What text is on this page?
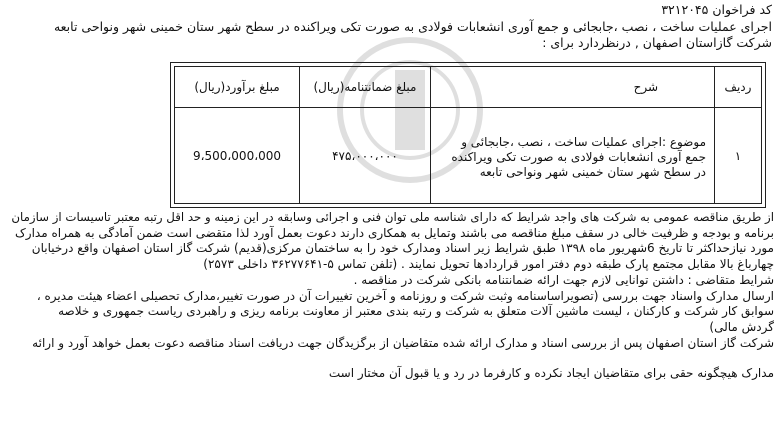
کد فراخوان ۳۲۱۲۰۴۵
اجرای عملیات ساخت ، نصب ،جابجائی و جمع آوری انشعابات فولادی به صورت تکی ویراکنده در سطح شهر ستان خمینی شهر ونواحی تابعه
شرکت گازاستان اصفهان , درنظردارد برای :
ردیف	شرح	مبلغ ضمانتنامه(ریال)	مبلغ برآورد(ریال)
۱	موضوع :اجرای عملیات ساخت ، نصب ،جابجائی و
جمع آوری انشعابات فولادی به صورت تکی ویراکنده
در سطح شهر ستان خمینی شهر ونواحی تابعه	۴۷۵،۰۰۰،۰۰۰	9،500،000،000
از طریق مناقصه عمومی به شرکت های واجد شرایط که دارای شناسه ملی توان فنی و اجرائی وسابقه در این زمینه و حد اقل رتبه معتبر تاسیسات از سازمان
برنامه و بودجه و ظرفیت خالی در سقف مبلغ مناقصه می باشند وتمایل به همکاری دارند دعوت بعمل آورد لذا متقضی است ضمن آمادگی به همراه مدارک
مورد نیازحداکثر تا تاریخ 6شهریور ماه ۱۳۹۸ طبق شرایط زیر اسناد ومدارک خود را به ساختمان مرکزی(قدیم) شرکت گاز استان اصفهان واقع درخیابان
چهارباغ بالا مقابل مجتمع پارک طبقه دوم دفتر امور قراردادها تحویل نمایند . (تلفن تماس ۵-۳۶۲۷۷۶۴۱ داخلی ۲۵۷۳)
شرایط متقاضی : داشتن توانایی لازم جهت ارائه ضمانتنامه بانکی شرکت در مناقصه .
ارسال مدارک واسناد جهت بررسی (تصویراساسنامه وثبت شرکت و روزنامه و آخرین تغییرات آن در صورت تغییر،مدارک تحصیلی اعضاء هیئت مدیره ،
سوابق کار شرکت و کارکنان ، لیست ماشین آلات متعلق به شرکت و رتبه بندی معتبر از معاونت برنامه ریزی و راهبردی ریاست جمهوری و خلاصه
گردش مالی)
شرکت گاز استان اصفهان پس از بررسی اسناد و مدارک ارائه شده متقاضیان از برگزیدگان جهت دریافت اسناد مناقصه دعوت بعمل خواهد آورد و ارائه
مدارک هیچگونه حقی برای متقاضیان ایجاد نکرده و کارفرما در رد و یا قبول آن مختار است
